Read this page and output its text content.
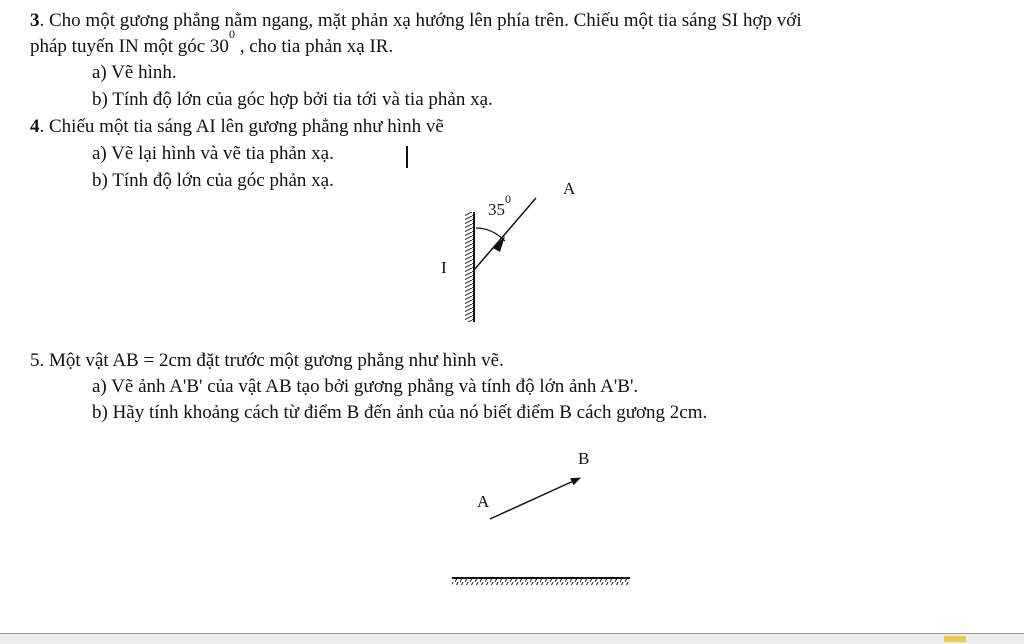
3. Cho một gương phẳng nằm ngang, mặt phản xạ hướng lên phía trên. Chiếu một tia sáng SI hợp với
pháp tuyến IN một góc $30^0$ , cho tia phản xạ IR.
a) Vẽ hình.
b) Tính độ lớn của góc hợp bởi tia tới và tia phản xạ.
4. Chiếu một tia sáng AI lên gương phẳng như hình vẽ
a) Vẽ lại hình và vẽ tia phản xạ.
b) Tính độ lớn của góc phản xạ.	A
I
$35^0$
5. Một vật AB = 2cm đặt trước một gương phẳng như hình vẽ.
a) Vẽ ảnh A'B' của vật AB tạo bởi gương phẳng và tính độ lớn ảnh A'B'.
b) Hãy tính khoảng cách từ điểm B đến ảnh của nó biết điểm B cách gương 2cm.
B
A
